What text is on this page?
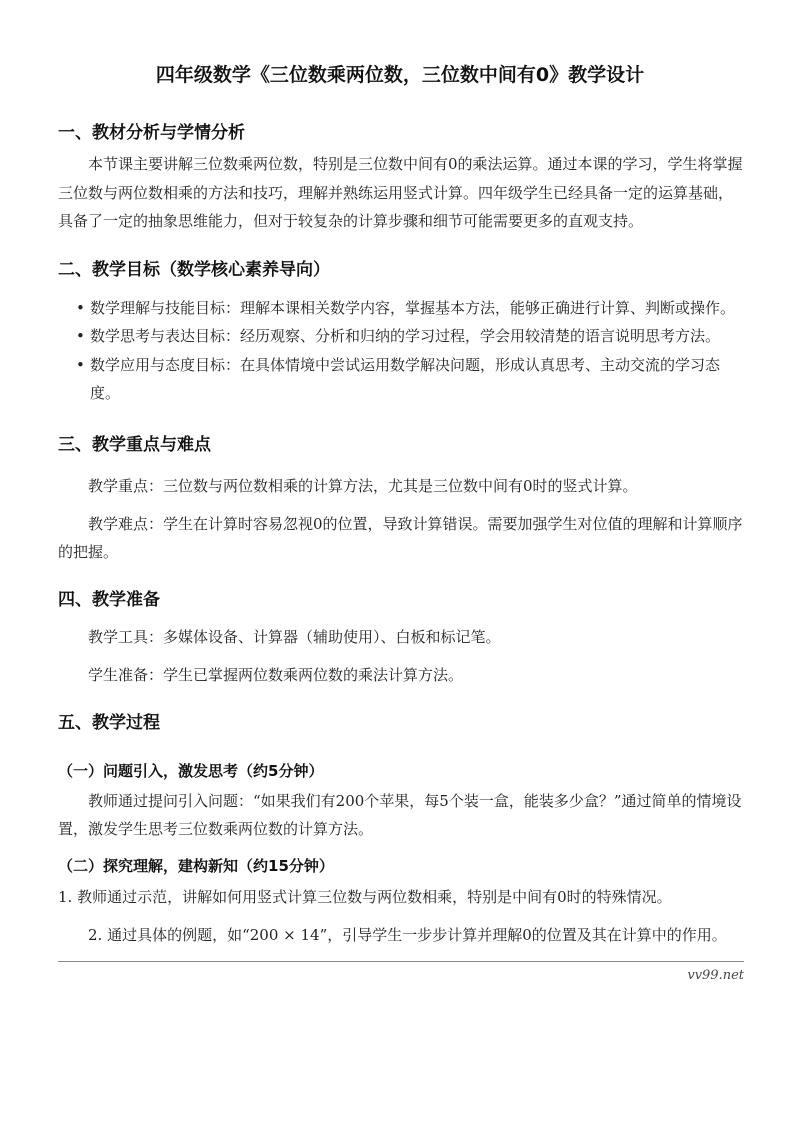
四年级数学《三位数乘两位数，三位数中间有0》教学设计
一、教材分析与学情分析
本节课主要讲解三位数乘两位数，特别是三位数中间有0的乘法运算。通过本课的学习，学生将掌握三位数与两位数相乘的方法和技巧，理解并熟练运用竖式计算。四年级学生已经具备一定的运算基础，具备了一定的抽象思维能力，但对于较复杂的计算步骤和细节可能需要更多的直观支持。
二、教学目标（数学核心素养导向）
• 数学理解与技能目标：理解本课相关数学内容，掌握基本方法，能够正确进行计算、判断或操作。
• 数学思考与表达目标：经历观察、分析和归纳的学习过程，学会用较清楚的语言说明思考方法。
• 数学应用与态度目标：在具体情境中尝试运用数学解决问题，形成认真思考、主动交流的学习态度。
三、教学重点与难点
教学重点：三位数与两位数相乘的计算方法，尤其是三位数中间有0时的竖式计算。
教学难点：学生在计算时容易忽视0的位置，导致计算错误。需要加强学生对位值的理解和计算顺序的把握。
四、教学准备
教学工具：多媒体设备、计算器（辅助使用）、白板和标记笔。
学生准备：学生已掌握两位数乘两位数的乘法计算方法。
五、教学过程
（一）问题引入，激发思考（约5分钟）
教师通过提问引入问题：“如果我们有200个苹果，每5个装一盒，能装多少盒？”通过简单的情境设置，激发学生思考三位数乘两位数的计算方法。
（二）探究理解，建构新知（约15分钟）
1. 教师通过示范，讲解如何用竖式计算三位数与两位数相乘，特别是中间有0时的特殊情况。
2. 通过具体的例题，如“200 × 14”，引导学生一步步计算并理解0的位置及其在计算中的作用。
vv99.net
